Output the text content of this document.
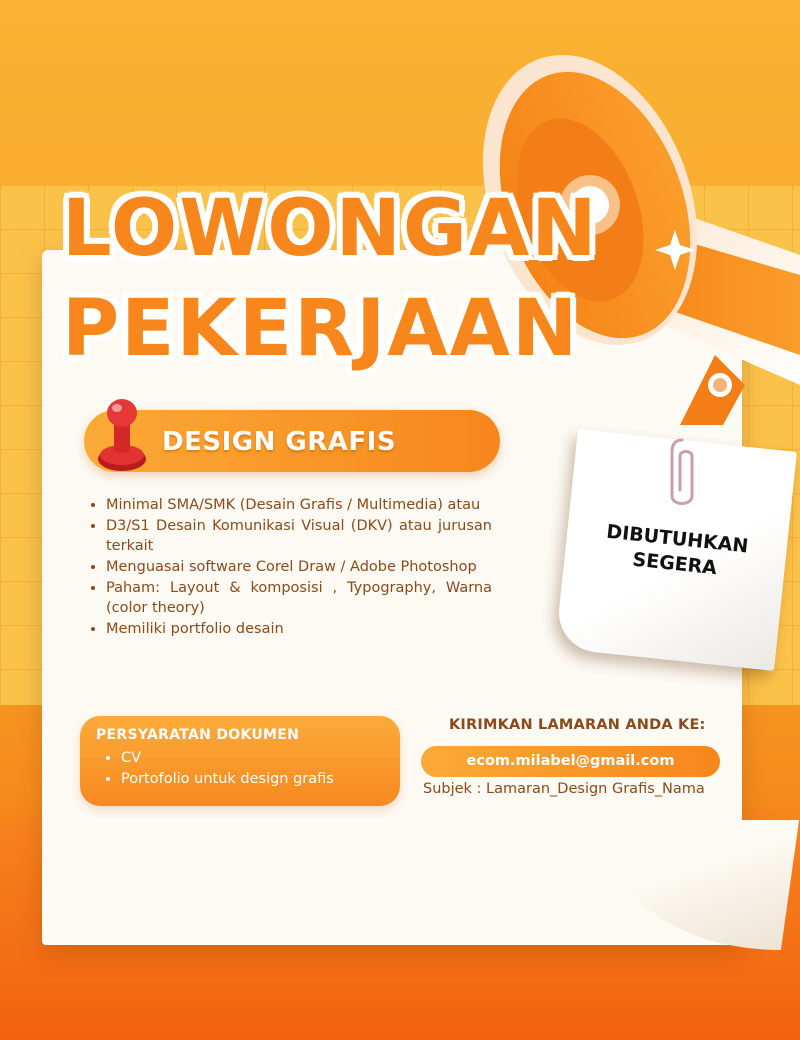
LOWONGAN
PEKERJAAN
DESIGN GRAFIS
• Minimal SMA/SMK (Desain Grafis / Multimedia) atau
• D3/S1 Desain Komunikasi Visual (DKV) atau jurusan terkait
• Menguasai software Corel Draw / Adobe Photoshop
• Paham: Layout & komposisi , Typography, Warna (color theory)
• Memiliki portfolio desain
PERSYARATAN DOKUMEN
• CV
• Portofolio untuk design grafis
KIRIMKAN LAMARAN ANDA KE:
ecom.milabel@gmail.com
Subjek : Lamaran_Design Grafis_Nama
DIBUTUHKAN
SEGERA
